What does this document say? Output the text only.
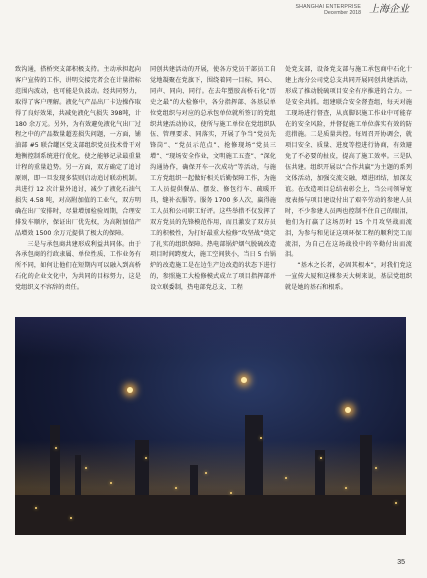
SHANGHAI ENTERPRISE
December 2018 上海企业

致沟通，搭桥突支部积极支持。主动承担起向客户宣传的工作，讲明交接完者会在计量指标范围内波动，也可能是负波动。经共同努力，取得了客户理解。液化气产品出厂卡边操作取得了良好效果，共减免液化气损失 398吨，计 180 余万元。另外，为有效避免液化气出厂过程之中的产品数量超差损失问题，一方面，铺油部 #5 联合罐区党支部组织党员技术骨干对地衡控制系统进行优化，使之能够记录最重量计程的重量趋势。另一方面，双方确定了追讨原则，即一旦发现多装则启动追讨联动机制。共进行 12 次计量外追讨，减少了液化石油气损失 4.58 吨，对高附加值的工业气，双方明确在出厂安排时，尽量增加检验周期，合理安排发车顺序，保证出厂优先权，为高附加值产品增效 1500 余万元提供了极大的保障。

三是与承包商共建形成利益共同体。由于各承包商的行政隶属、单位性质、工作业务有所不同，如何让他们在短期内可以融入到高桥石化的企业文化中，为共同的目标努力，这是党组织义不容辞的责任。

同创共建活动的开展，使各方党员干部员工自觉地凝聚在党旗下，围绕着同一目标，同心、同声、同向、同行。在去年塑胶高桥石化“历史之最”的大检修中，各分指挥部、各基层单位党组织与对应的总承包单位就所签订的党组织共建活动协议，使所与施工单位在党组织队伍、管理要求、同落实，开展了争当“党员先锋岗”、“党员示范点”、抢修现场“党员三增”、“现场安全作业，文明施工五查”、“深化沟通协作，确保开车一次成功”等活动，与施工方党组织一起做好相关后勤保障工作，为施工人员提供餐品、摆发、修包行车、疏暖开具，缝补衣服等。服务 1700 多人次，赢得施工人员和公司职工好评。这些举措不仅发挥了双方党员的先锋模范作用，而且激发了双方员工的积极性，为打好最重大检修“攻坚战”奠定了扎实的组织保障。热电部锅炉烟气脱硫改造项目时间跨度大，施工空间狭小，当日 5 台锅炉的改造施工是在边生产边改造的状态下进行的，参照施工大检修模式成立了项目指挥部并设立联委制，热电部党总支、工程

处党支部，设备党支部与施工承包商中石化十建上海分公司党总支共同开展同创共建活动，形成了推动脱硫项目安全有序推进的合力。一是安全共抓。组建联合安全督查组，每天对施工现场进行督查，从真脚识施工作业中可能存在的安全风险，并督促施工单位落实有效的防范措施。二是质量共控。每周召开协调会，就项目安全、质量、进度等控进行协商，有效避免了不必要的扯皮，提高了施工效率。三是队伍共建。组织开展以“合作共赢”为主题的系列文体活动，加强交流交融，增进团结，加深友谊。在改造项目总结表彰会上，当公司领导宽度表扬与项目建设付出了艰辛劳动的参建人员时，不少参建人员两也控制不住自己的眼泪，他们为打赢了这场历时 15 个月攻坚战而流泪，为参与和见证这项环保工程的顺利完工而流泪，为自己在这场战役中的辛勤付出而流泪。

“基木之长者，必固其根本”，对我们党这一宣传大厦和这棵参天大树来说，基层党组织就是她的基石和根系。

35
